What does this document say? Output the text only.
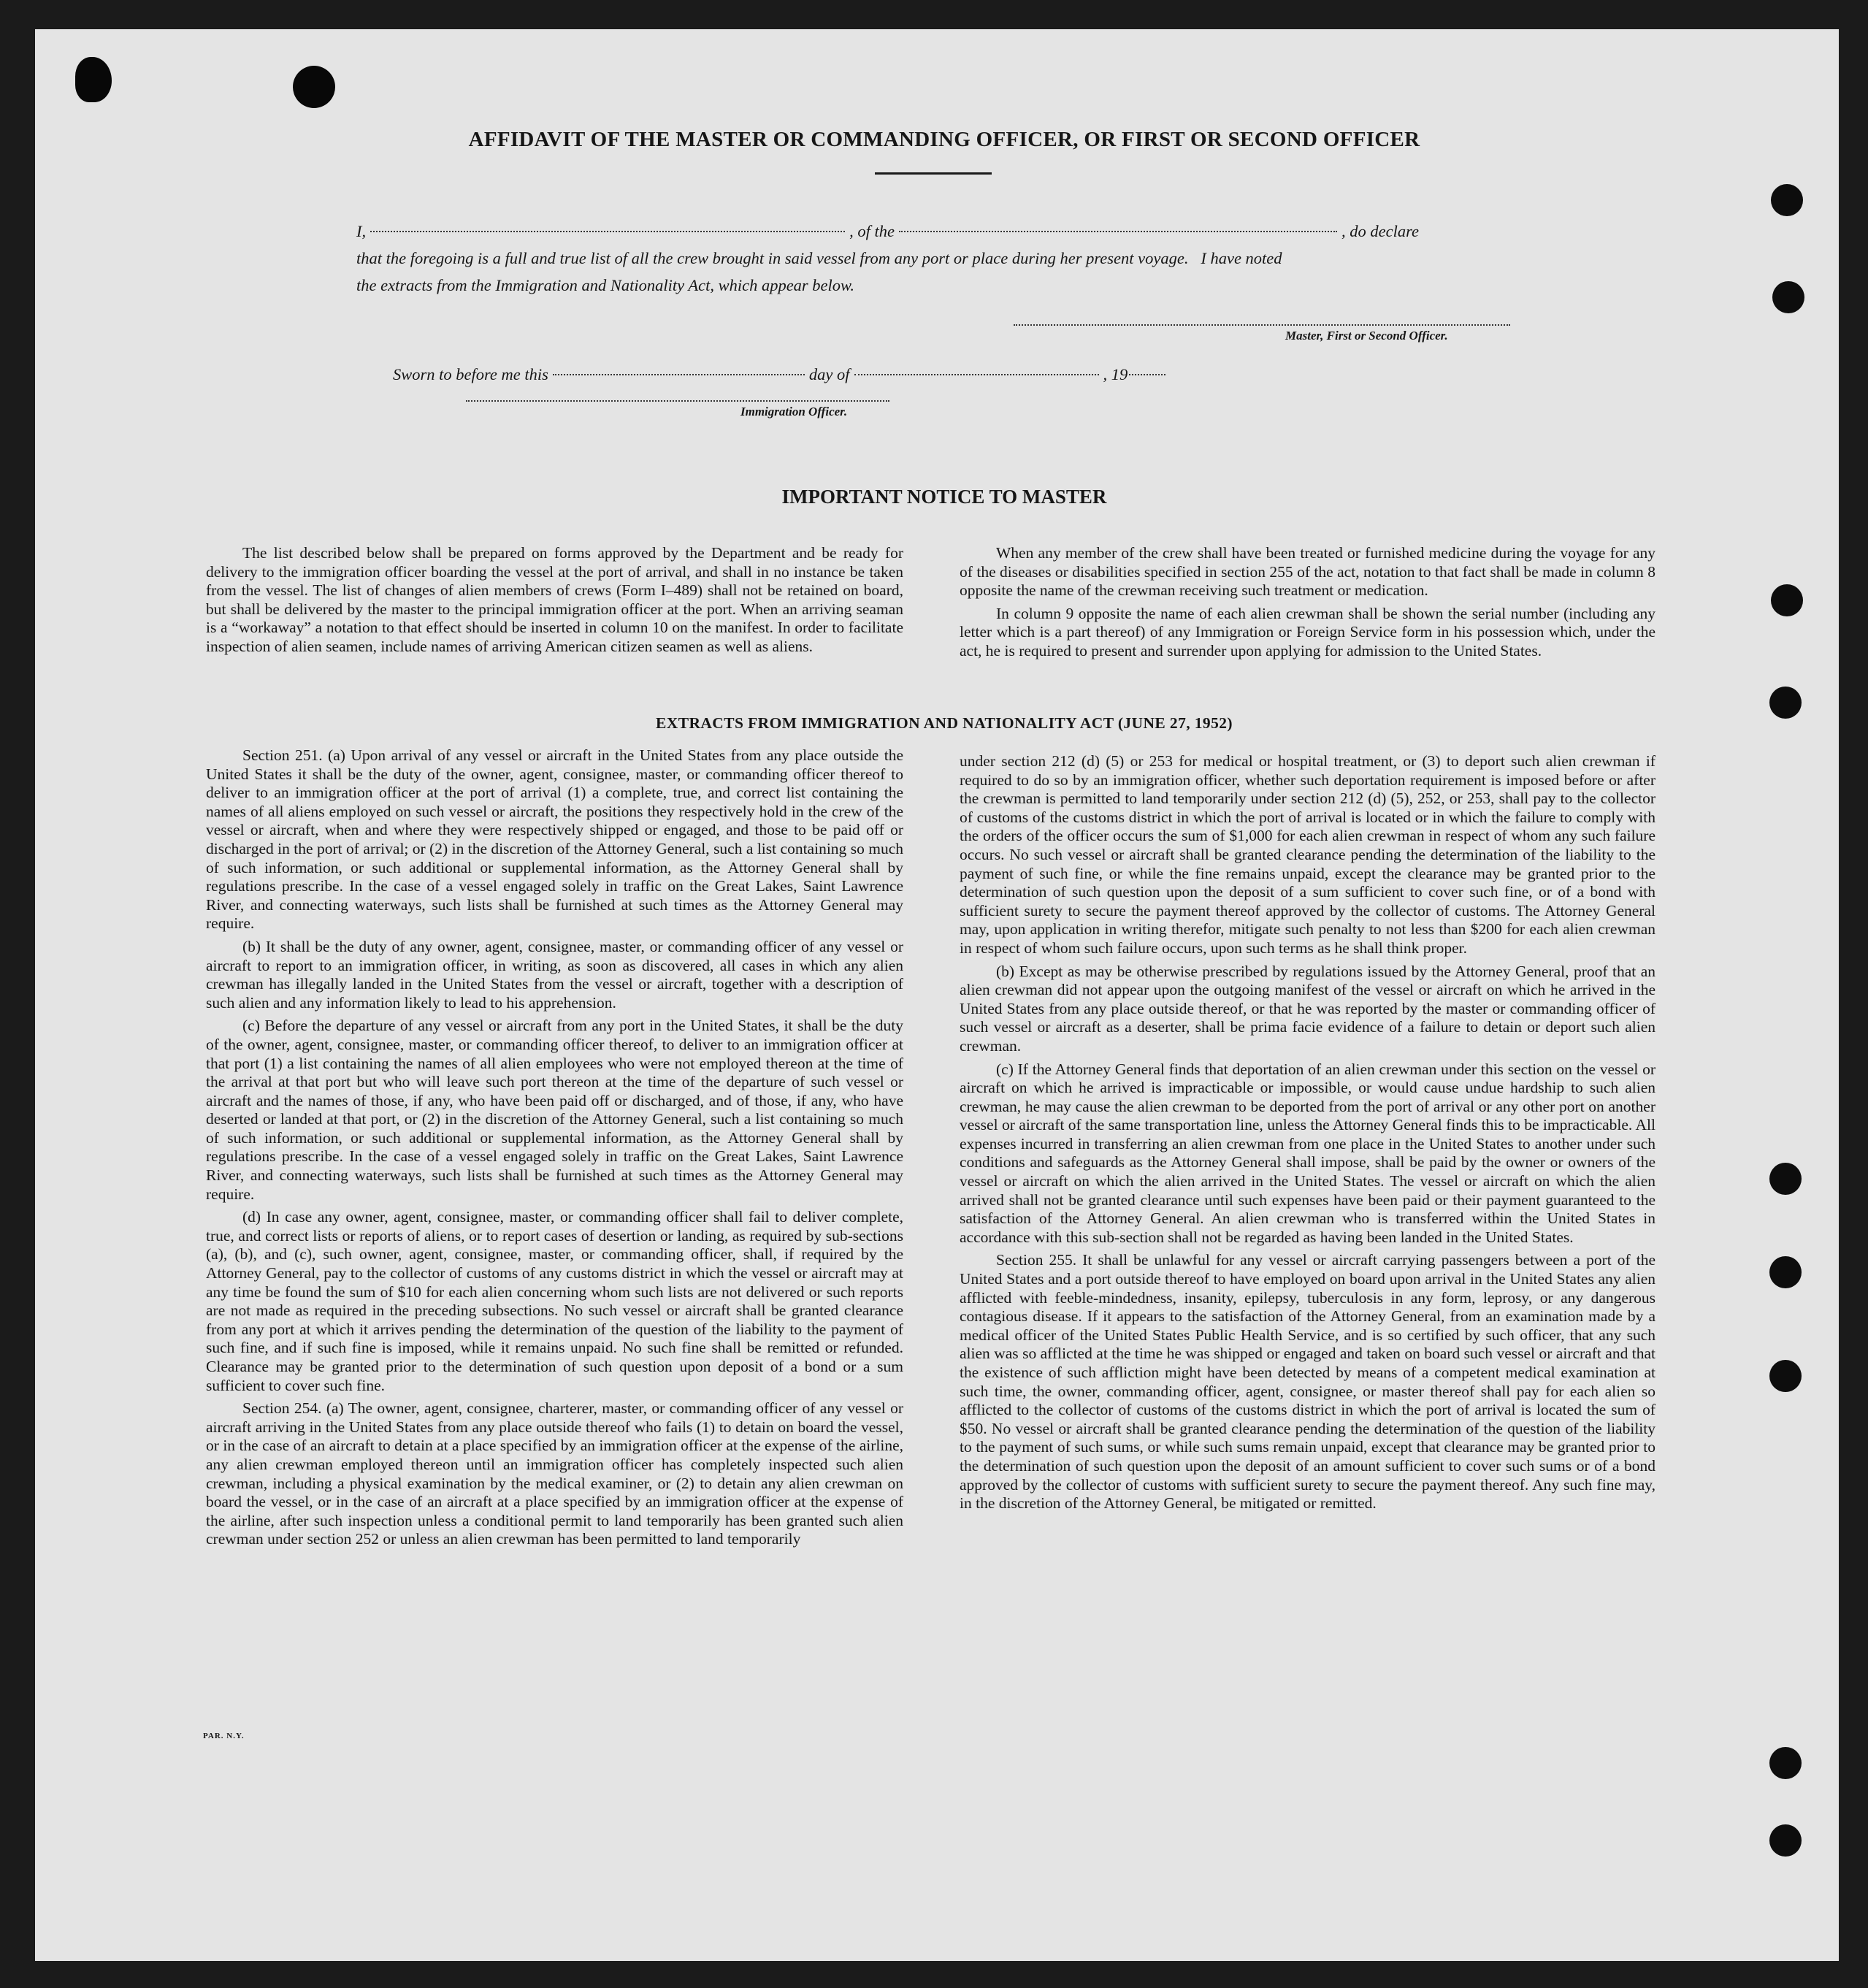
AFFIDAVIT OF THE MASTER OR COMMANDING OFFICER, OR FIRST OR SECOND OFFICER
I,	, of the	, do declare
that the foregoing is a full and true list of all the crew brought in said vessel from any port or place during her present voyage.   I have noted
the extracts from the Immigration and Nationality Act, which appear below.
Master, First or Second Officer.
Sworn to before me this	day of	, 19
Immigration Officer.
IMPORTANT NOTICE TO MASTER

The list described below shall be prepared on forms approved by the Department and be ready for delivery to the immigration officer boarding the vessel at the port of arrival, and shall in no instance be taken from the vessel. The list of changes of alien members of crews (Form I–489) shall not be retained on board, but shall be delivered by the master to the principal immigration officer at the port. When an arriving seaman is a “workaway” a notation to that effect should be inserted in column 10 on the manifest. In order to facilitate inspection of alien seamen, include names of arriving American citizen seamen as well as aliens.

When any member of the crew shall have been treated or furnished medicine during the voyage for any of the diseases or disabilities specified in section 255 of the act, notation to that fact shall be made in column 8 opposite the name of the crewman receiving such treatment or medication.

In column 9 opposite the name of each alien crewman shall be shown the serial number (including any letter which is a part thereof) of any Immigration or Foreign Service form in his possession which, under the act, he is required to present and surrender upon applying for admission to the United States.

EXTRACTS FROM IMMIGRATION AND NATIONALITY ACT (JUNE 27, 1952)

Section 251. (a) Upon arrival of any vessel or aircraft in the United States from any place outside the United States it shall be the duty of the owner, agent, consignee, master, or commanding officer thereof to deliver to an immigration officer at the port of arrival (1) a complete, true, and correct list containing the names of all aliens employed on such vessel or aircraft, the positions they respectively hold in the crew of the vessel or aircraft, when and where they were respectively shipped or engaged, and those to be paid off or discharged in the port of arrival; or (2) in the discretion of the Attorney General, such a list containing so much of such information, or such additional or supplemental information, as the Attorney General shall by regulations prescribe. In the case of a vessel engaged solely in traffic on the Great Lakes, Saint Lawrence River, and connecting waterways, such lists shall be furnished at such times as the Attorney General may require.

(b) It shall be the duty of any owner, agent, consignee, master, or commanding officer of any vessel or aircraft to report to an immigration officer, in writing, as soon as discovered, all cases in which any alien crewman has illegally landed in the United States from the vessel or aircraft, together with a description of such alien and any information likely to lead to his apprehension.

(c) Before the departure of any vessel or aircraft from any port in the United States, it shall be the duty of the owner, agent, consignee, master, or commanding officer thereof, to deliver to an immigration officer at that port (1) a list containing the names of all alien employees who were not employed thereon at the time of the arrival at that port but who will leave such port thereon at the time of the departure of such vessel or aircraft and the names of those, if any, who have been paid off or discharged, and of those, if any, who have deserted or landed at that port, or (2) in the discretion of the Attorney General, such a list containing so much of such information, or such additional or supplemental information, as the Attorney General shall by regulations prescribe. In the case of a vessel engaged solely in traffic on the Great Lakes, Saint Lawrence River, and connecting waterways, such lists shall be furnished at such times as the Attorney General may require.

(d) In case any owner, agent, consignee, master, or commanding officer shall fail to deliver complete, true, and correct lists or reports of aliens, or to report cases of desertion or landing, as required by sub-sections (a), (b), and (c), such owner, agent, consignee, master, or commanding officer, shall, if required by the Attorney General, pay to the collector of customs of any customs district in which the vessel or aircraft may at any time be found the sum of $10 for each alien concerning whom such lists are not delivered or such reports are not made as required in the preceding subsections. No such vessel or aircraft shall be granted clearance from any port at which it arrives pending the determination of the question of the liability to the payment of such fine, and if such fine is imposed, while it remains unpaid. No such fine shall be remitted or refunded. Clearance may be granted prior to the determination of such question upon deposit of a bond or a sum sufficient to cover such fine.

Section 254. (a) The owner, agent, consignee, charterer, master, or commanding officer of any vessel or aircraft arriving in the United States from any place outside thereof who fails (1) to detain on board the vessel, or in the case of an aircraft to detain at a place specified by an immigration officer at the expense of the airline, any alien crewman employed thereon until an immigration officer has completely inspected such alien crewman, including a physical examination by the medical examiner, or (2) to detain any alien crewman on board the vessel, or in the case of an aircraft at a place specified by an immigration officer at the expense of the airline, after such inspection unless a conditional permit to land temporarily has been granted such alien crewman under section 252 or unless an alien crewman has been permitted to land temporarily

under section 212 (d) (5) or 253 for medical or hospital treatment, or (3) to deport such alien crewman if required to do so by an immigration officer, whether such deportation requirement is imposed before or after the crewman is permitted to land temporarily under section 212 (d) (5), 252, or 253, shall pay to the collector of customs of the customs district in which the port of arrival is located or in which the failure to comply with the orders of the officer occurs the sum of $1,000 for each alien crewman in respect of whom any such failure occurs. No such vessel or aircraft shall be granted clearance pending the determination of the liability to the payment of such fine, or while the fine remains unpaid, except the clearance may be granted prior to the determination of such question upon the deposit of a sum sufficient to cover such fine, or of a bond with sufficient surety to secure the payment thereof approved by the collector of customs. The Attorney General may, upon application in writing therefor, mitigate such penalty to not less than $200 for each alien crewman in respect of whom such failure occurs, upon such terms as he shall think proper.

(b) Except as may be otherwise prescribed by regulations issued by the Attorney General, proof that an alien crewman did not appear upon the outgoing manifest of the vessel or aircraft on which he arrived in the United States from any place outside thereof, or that he was reported by the master or commanding officer of such vessel or aircraft as a deserter, shall be prima facie evidence of a failure to detain or deport such alien crewman.

(c) If the Attorney General finds that deportation of an alien crewman under this section on the vessel or aircraft on which he arrived is impracticable or impossible, or would cause undue hardship to such alien crewman, he may cause the alien crewman to be deported from the port of arrival or any other port on another vessel or aircraft of the same transportation line, unless the Attorney General finds this to be impracticable. All expenses incurred in transferring an alien crewman from one place in the United States to another under such conditions and safeguards as the Attorney General shall impose, shall be paid by the owner or owners of the vessel or aircraft on which the alien arrived in the United States. The vessel or aircraft on which the alien arrived shall not be granted clearance until such expenses have been paid or their payment guaranteed to the satisfaction of the Attorney General. An alien crewman who is transferred within the United States in accordance with this sub-section shall not be regarded as having been landed in the United States.

Section 255. It shall be unlawful for any vessel or aircraft carrying passengers between a port of the United States and a port outside thereof to have employed on board upon arrival in the United States any alien afflicted with feeble-mindedness, insanity, epilepsy, tuberculosis in any form, leprosy, or any dangerous contagious disease. If it appears to the satisfaction of the Attorney General, from an examination made by a medical officer of the United States Public Health Service, and is so certified by such officer, that any such alien was so afflicted at the time he was shipped or engaged and taken on board such vessel or aircraft and that the existence of such affliction might have been detected by means of a competent medical examination at such time, the owner, commanding officer, agent, consignee, or master thereof shall pay for each alien so afflicted to the collector of customs of the customs district in which the port of arrival is located the sum of $50. No vessel or aircraft shall be granted clearance pending the determination of the question of the liability to the payment of such sums, or while such sums remain unpaid, except that clearance may be granted prior to the determination of such question upon the deposit of an amount sufficient to cover such sums or of a bond approved by the collector of customs with sufficient surety to secure the payment thereof. Any such fine may, in the discretion of the Attorney General, be mitigated or remitted.

PAR. N.Y.
